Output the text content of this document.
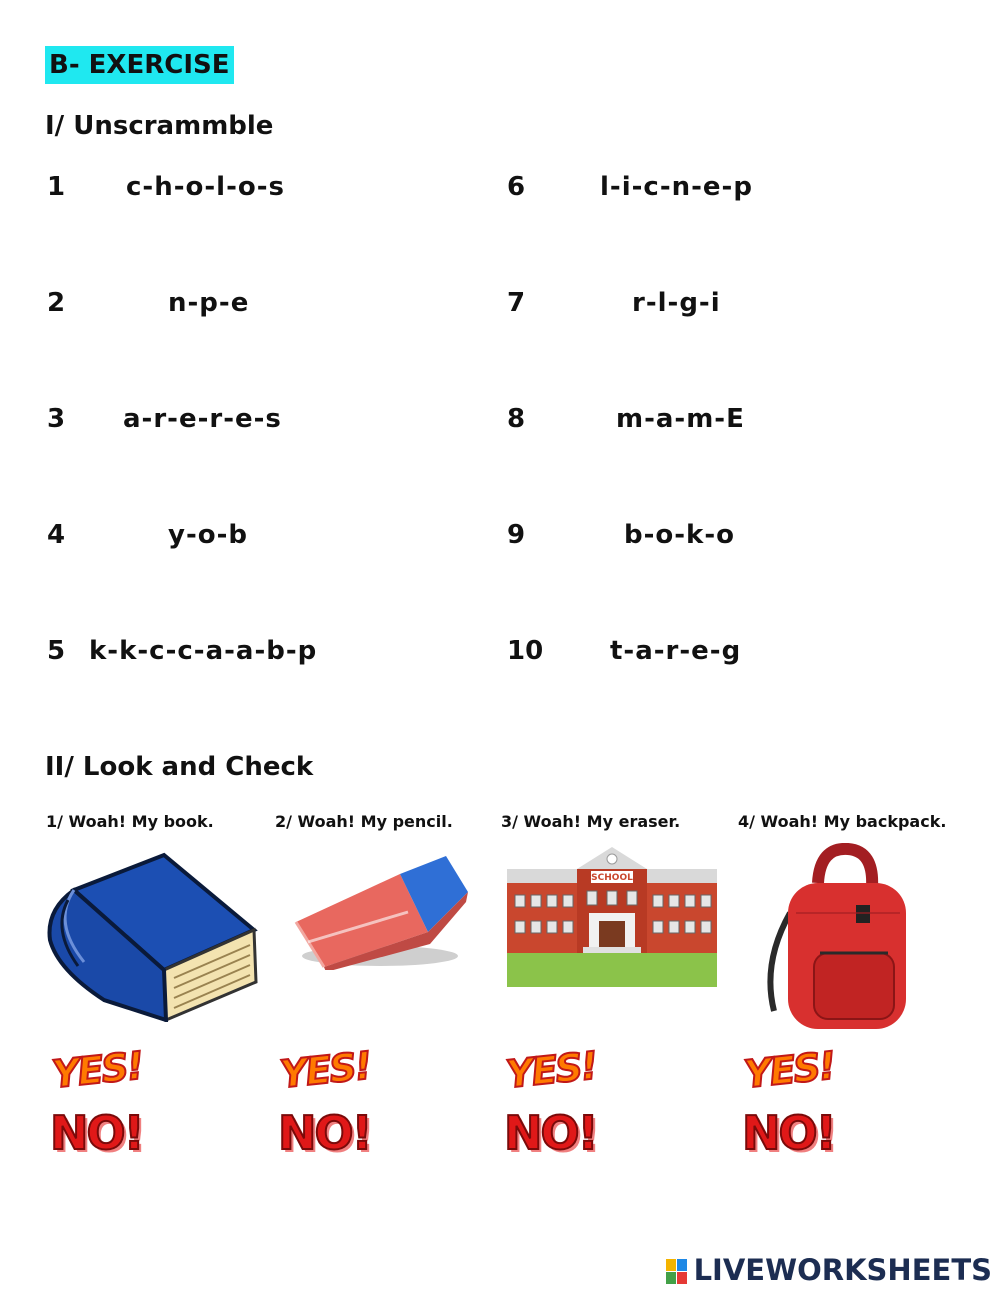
B- EXERCISE
I/ Unscrammble
1 c-h-o-l-o-s
2	n-p-e
3 a-r-e-r-e-s
4	y-o-b
5 k-k-c-c-a-a-b-p
6	l-i-c-n-e-p
7	r-l-g-i
8	m-a-m-E
9	b-o-k-o
10	t-a-r-e-g
II/ Look and Check
1/ Woah! My book.	2/ Woah! My pencil.	3/ Woah! My eraser.	4/ Woah! My backpack.
SCHOOL
YES!
NO!
YES!
NO!
YES!
NO!
YES!
NO!
LIVEWORKSHEETS
